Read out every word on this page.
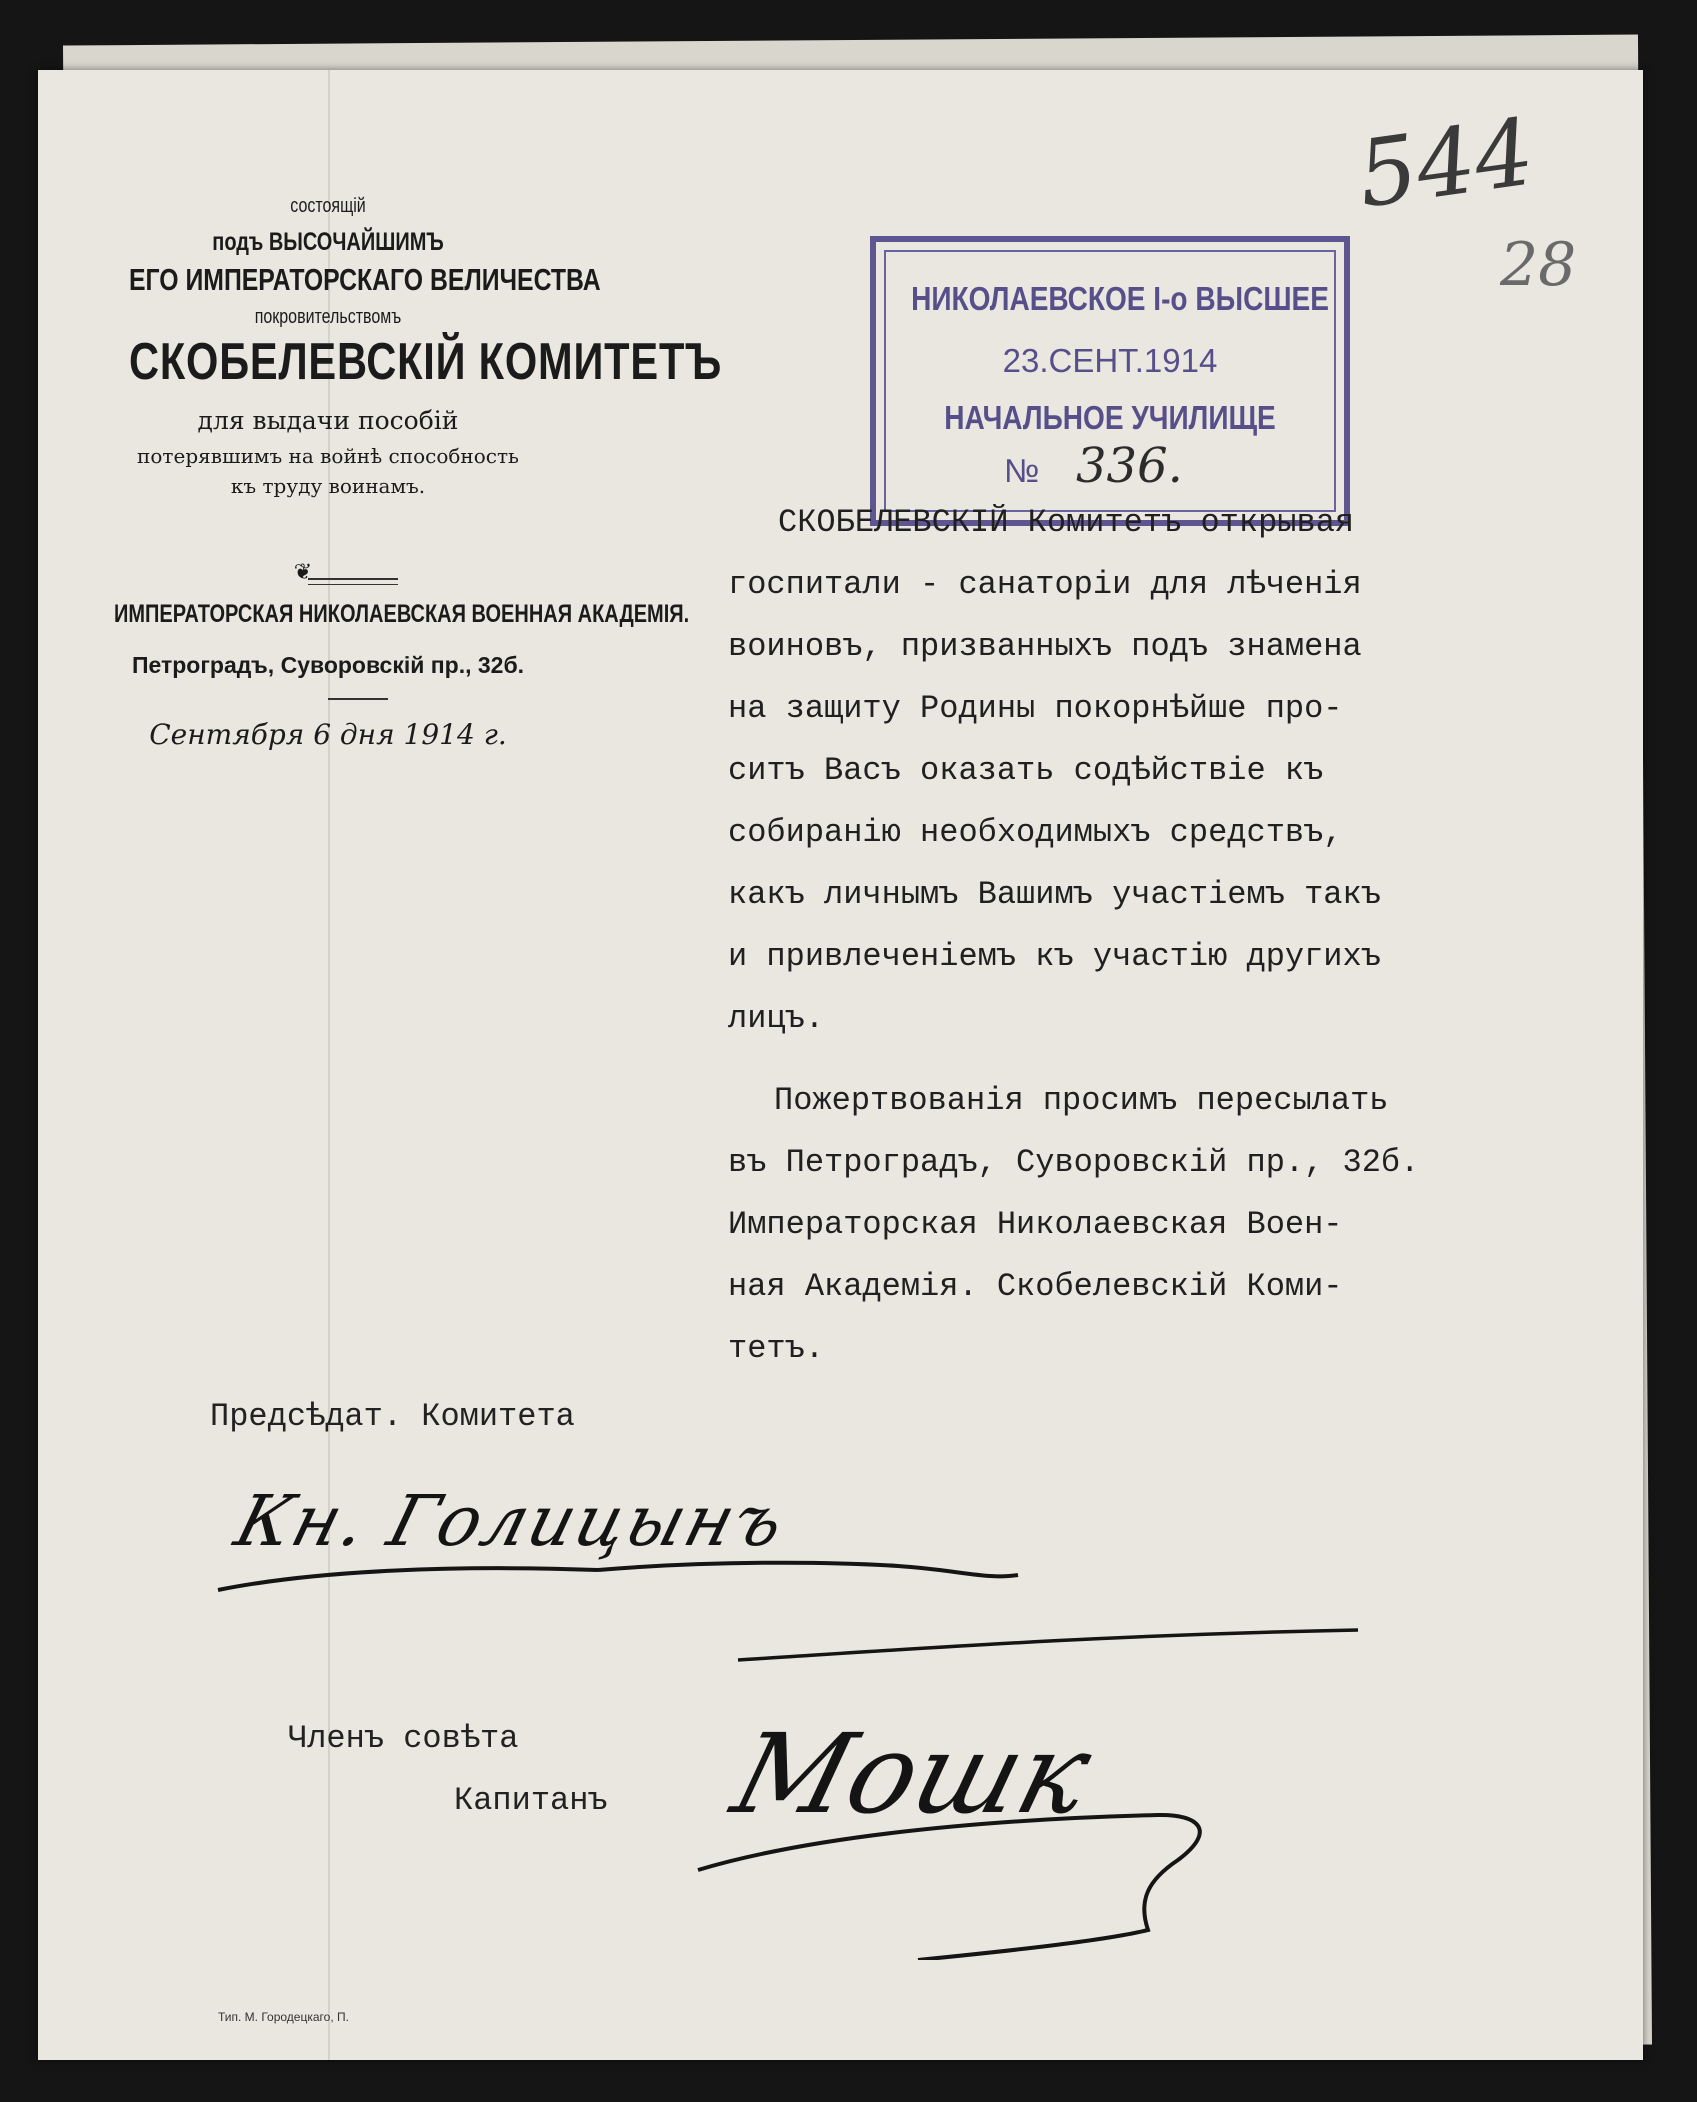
состоящій
подъ ВЫСОЧАЙШИМЪ
ЕГО ИМПЕРАТОРСКАГО ВЕЛИЧЕСТВА
покровительствомъ
СКОБЕЛЕВСКІЙ КОМИТЕТЪ
для выдачи пособій
потерявшимъ на войнѣ способность
къ труду воинамъ.
❦
ИМПЕРАТОРСКАЯ НИКОЛАЕВСКАЯ ВОЕННАЯ АКАДЕМІЯ.
Петроградъ, Суворовскій пр., 32б.
Сентября 6 дня 1914 г.
НИКОЛАЕВСКОЕ I-о ВЫСШЕЕ
23.СЕНТ.1914
НАЧАЛЬНОЕ УЧИЛИЩЕ
№ 336.
544
28
СКОБЕЛЕВСКІЙ Комитетъ открывая
госпитали - санаторіи для лѣченія
воиновъ, призванныхъ подъ знамена
на защиту Родины покорнѣйше про-
ситъ Васъ оказать содѣйствіе къ
собиранію необходимыхъ средствъ,
какъ личнымъ Вашимъ участіемъ такъ
и привлеченіемъ къ участію другихъ
лицъ.
Пожертвованія просимъ пересылать
въ Петроградъ, Суворовскій пр., 32б.
Императорская Николаевская Воен-
ная Академія. Скобелевскій Коми-
тетъ.
Предсѣдат. Комитета
Кн. Голицынъ
Членъ совѣта
Капитанъ Мошк
Тип. М. Городецкаго, П.
